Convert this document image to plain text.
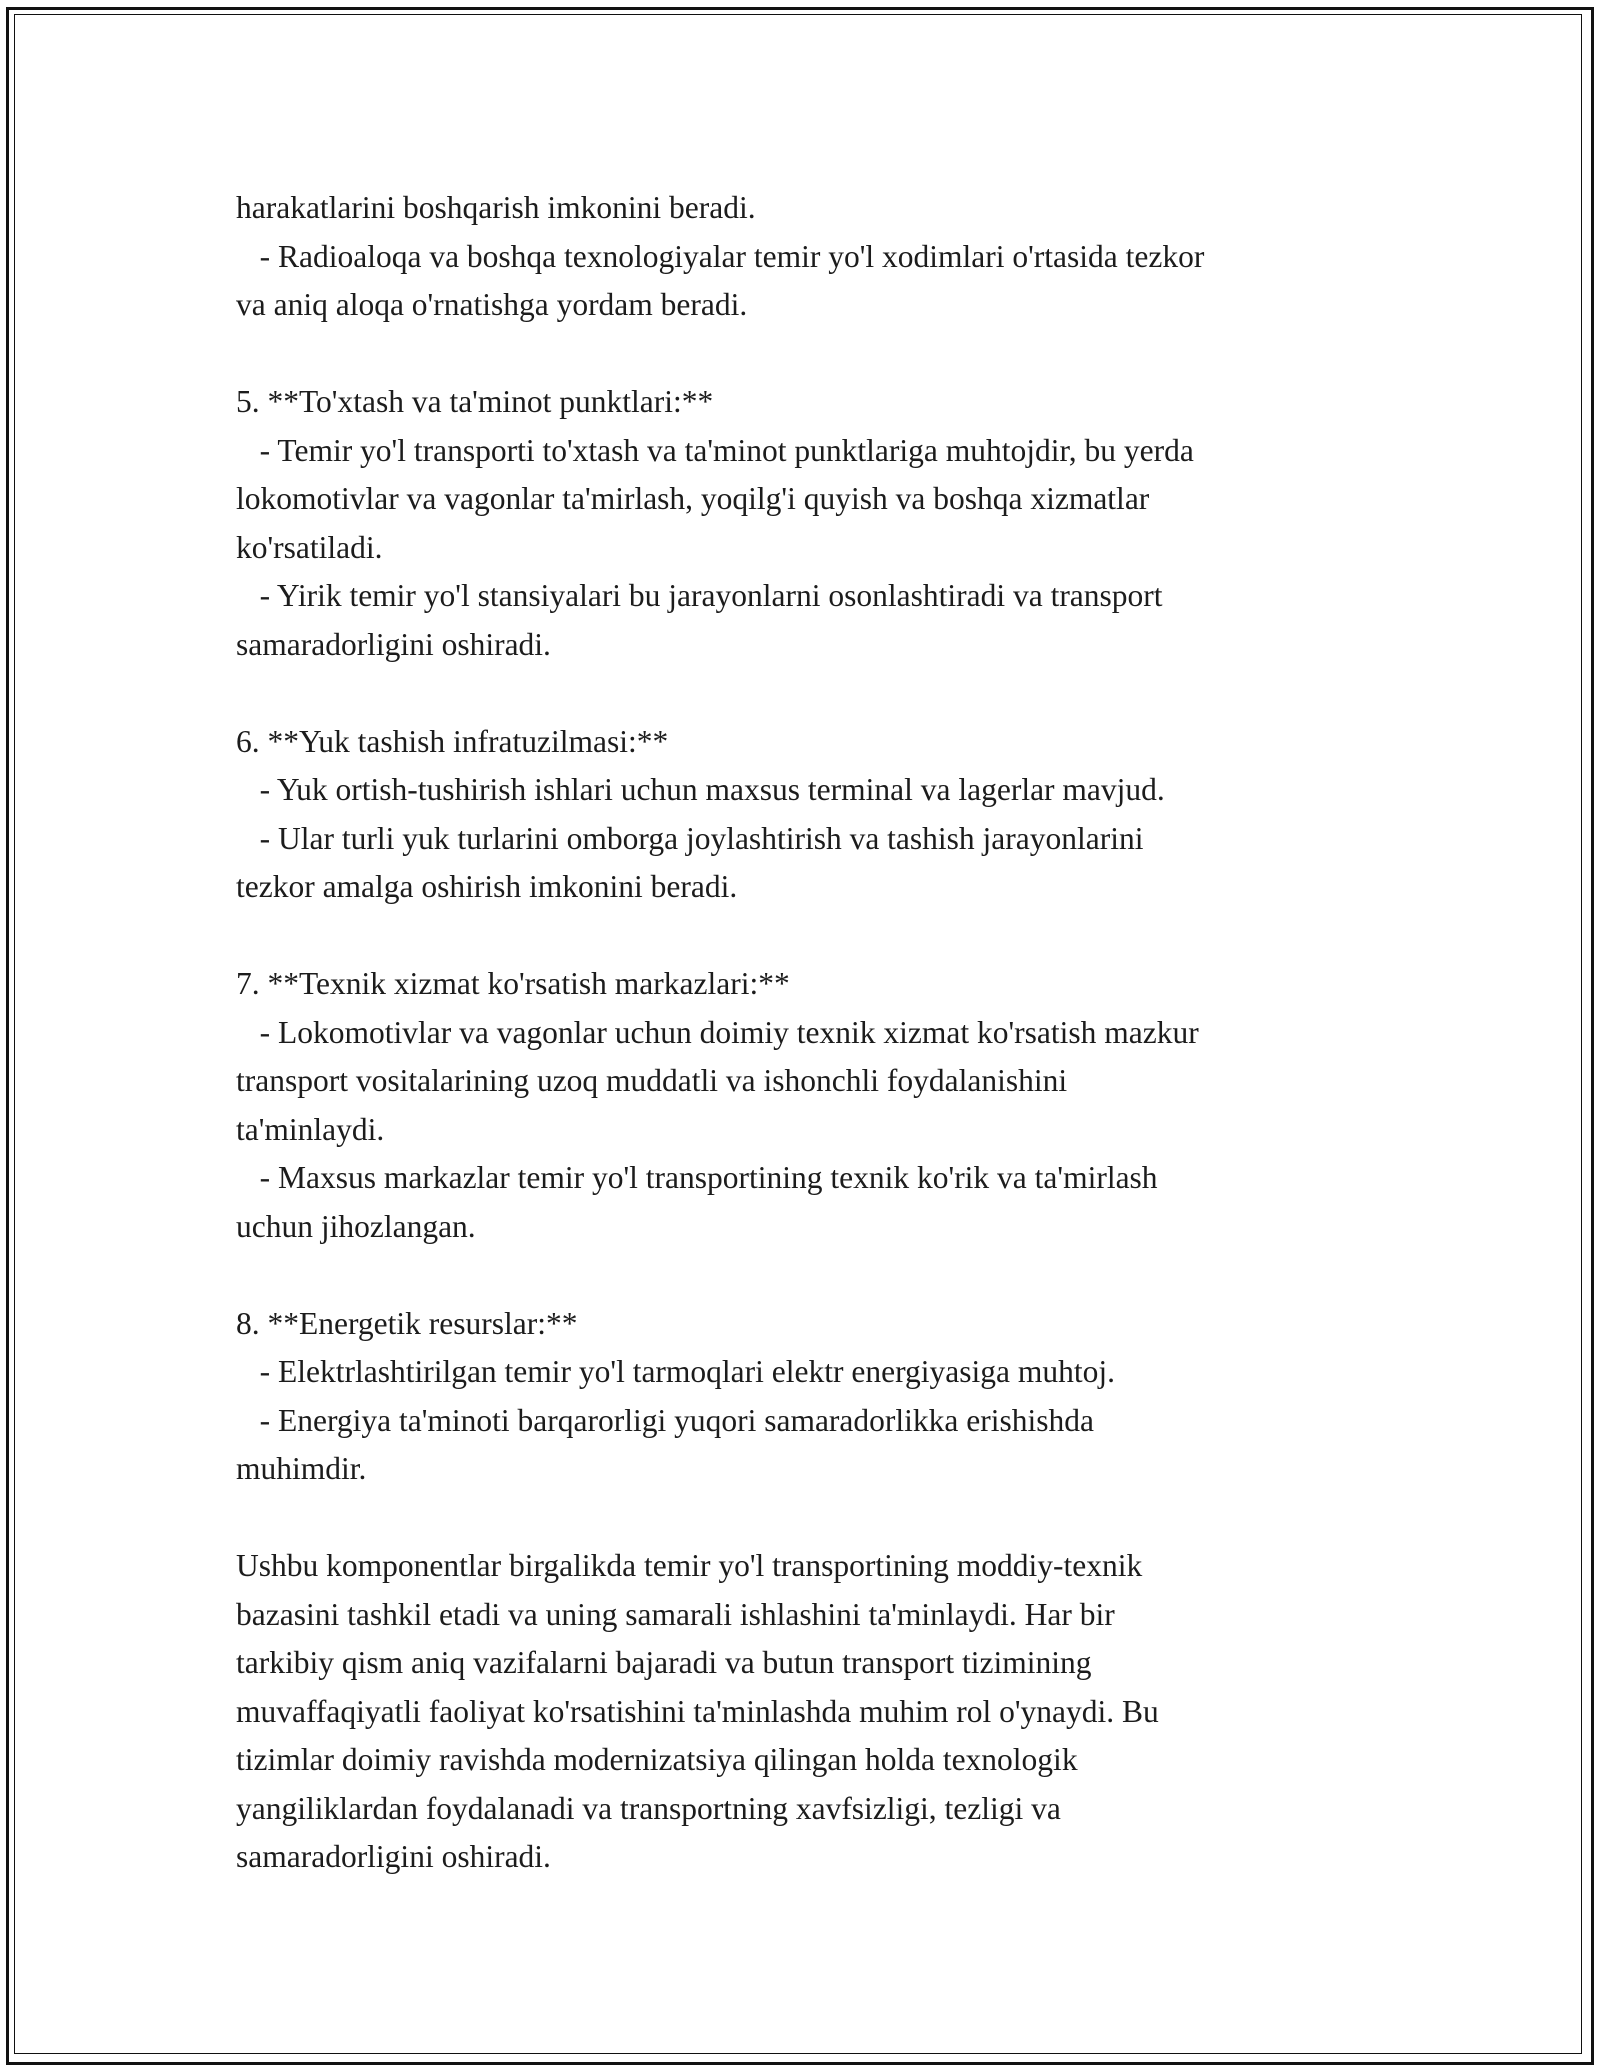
harakatlarini boshqarish imkonini beradi.
- Radioaloqa va boshqa texnologiyalar temir yo'l xodimlari o'rtasida tezkor
va aniq aloqa o'rnatishga yordam beradi.
5. **To'xtash va ta'minot punktlari:**
- Temir yo'l transporti to'xtash va ta'minot punktlariga muhtojdir, bu yerda
lokomotivlar va vagonlar ta'mirlash, yoqilg'i quyish va boshqa xizmatlar
ko'rsatiladi.
- Yirik temir yo'l stansiyalari bu jarayonlarni osonlashtiradi va transport
samaradorligini oshiradi.
6. **Yuk tashish infratuzilmasi:**
- Yuk ortish-tushirish ishlari uchun maxsus terminal va lagerlar mavjud.
- Ular turli yuk turlarini omborga joylashtirish va tashish jarayonlarini
tezkor amalga oshirish imkonini beradi.
7. **Texnik xizmat ko'rsatish markazlari:**
- Lokomotivlar va vagonlar uchun doimiy texnik xizmat ko'rsatish mazkur
transport vositalarining uzoq muddatli va ishonchli foydalanishini
ta'minlaydi.
- Maxsus markazlar temir yo'l transportining texnik ko'rik va ta'mirlash
uchun jihozlangan.
8. **Energetik resurslar:**
- Elektrlashtirilgan temir yo'l tarmoqlari elektr energiyasiga muhtoj.
- Energiya ta'minoti barqarorligi yuqori samaradorlikka erishishda
muhimdir.
Ushbu komponentlar birgalikda temir yo'l transportining moddiy-texnik
bazasini tashkil etadi va uning samarali ishlashini ta'minlaydi. Har bir
tarkibiy qism aniq vazifalarni bajaradi va butun transport tizimining
muvaffaqiyatli faoliyat ko'rsatishini ta'minlashda muhim rol o'ynaydi. Bu
tizimlar doimiy ravishda modernizatsiya qilingan holda texnologik
yangiliklardan foydalanadi va transportning xavfsizligi, tezligi va
samaradorligini oshiradi.
